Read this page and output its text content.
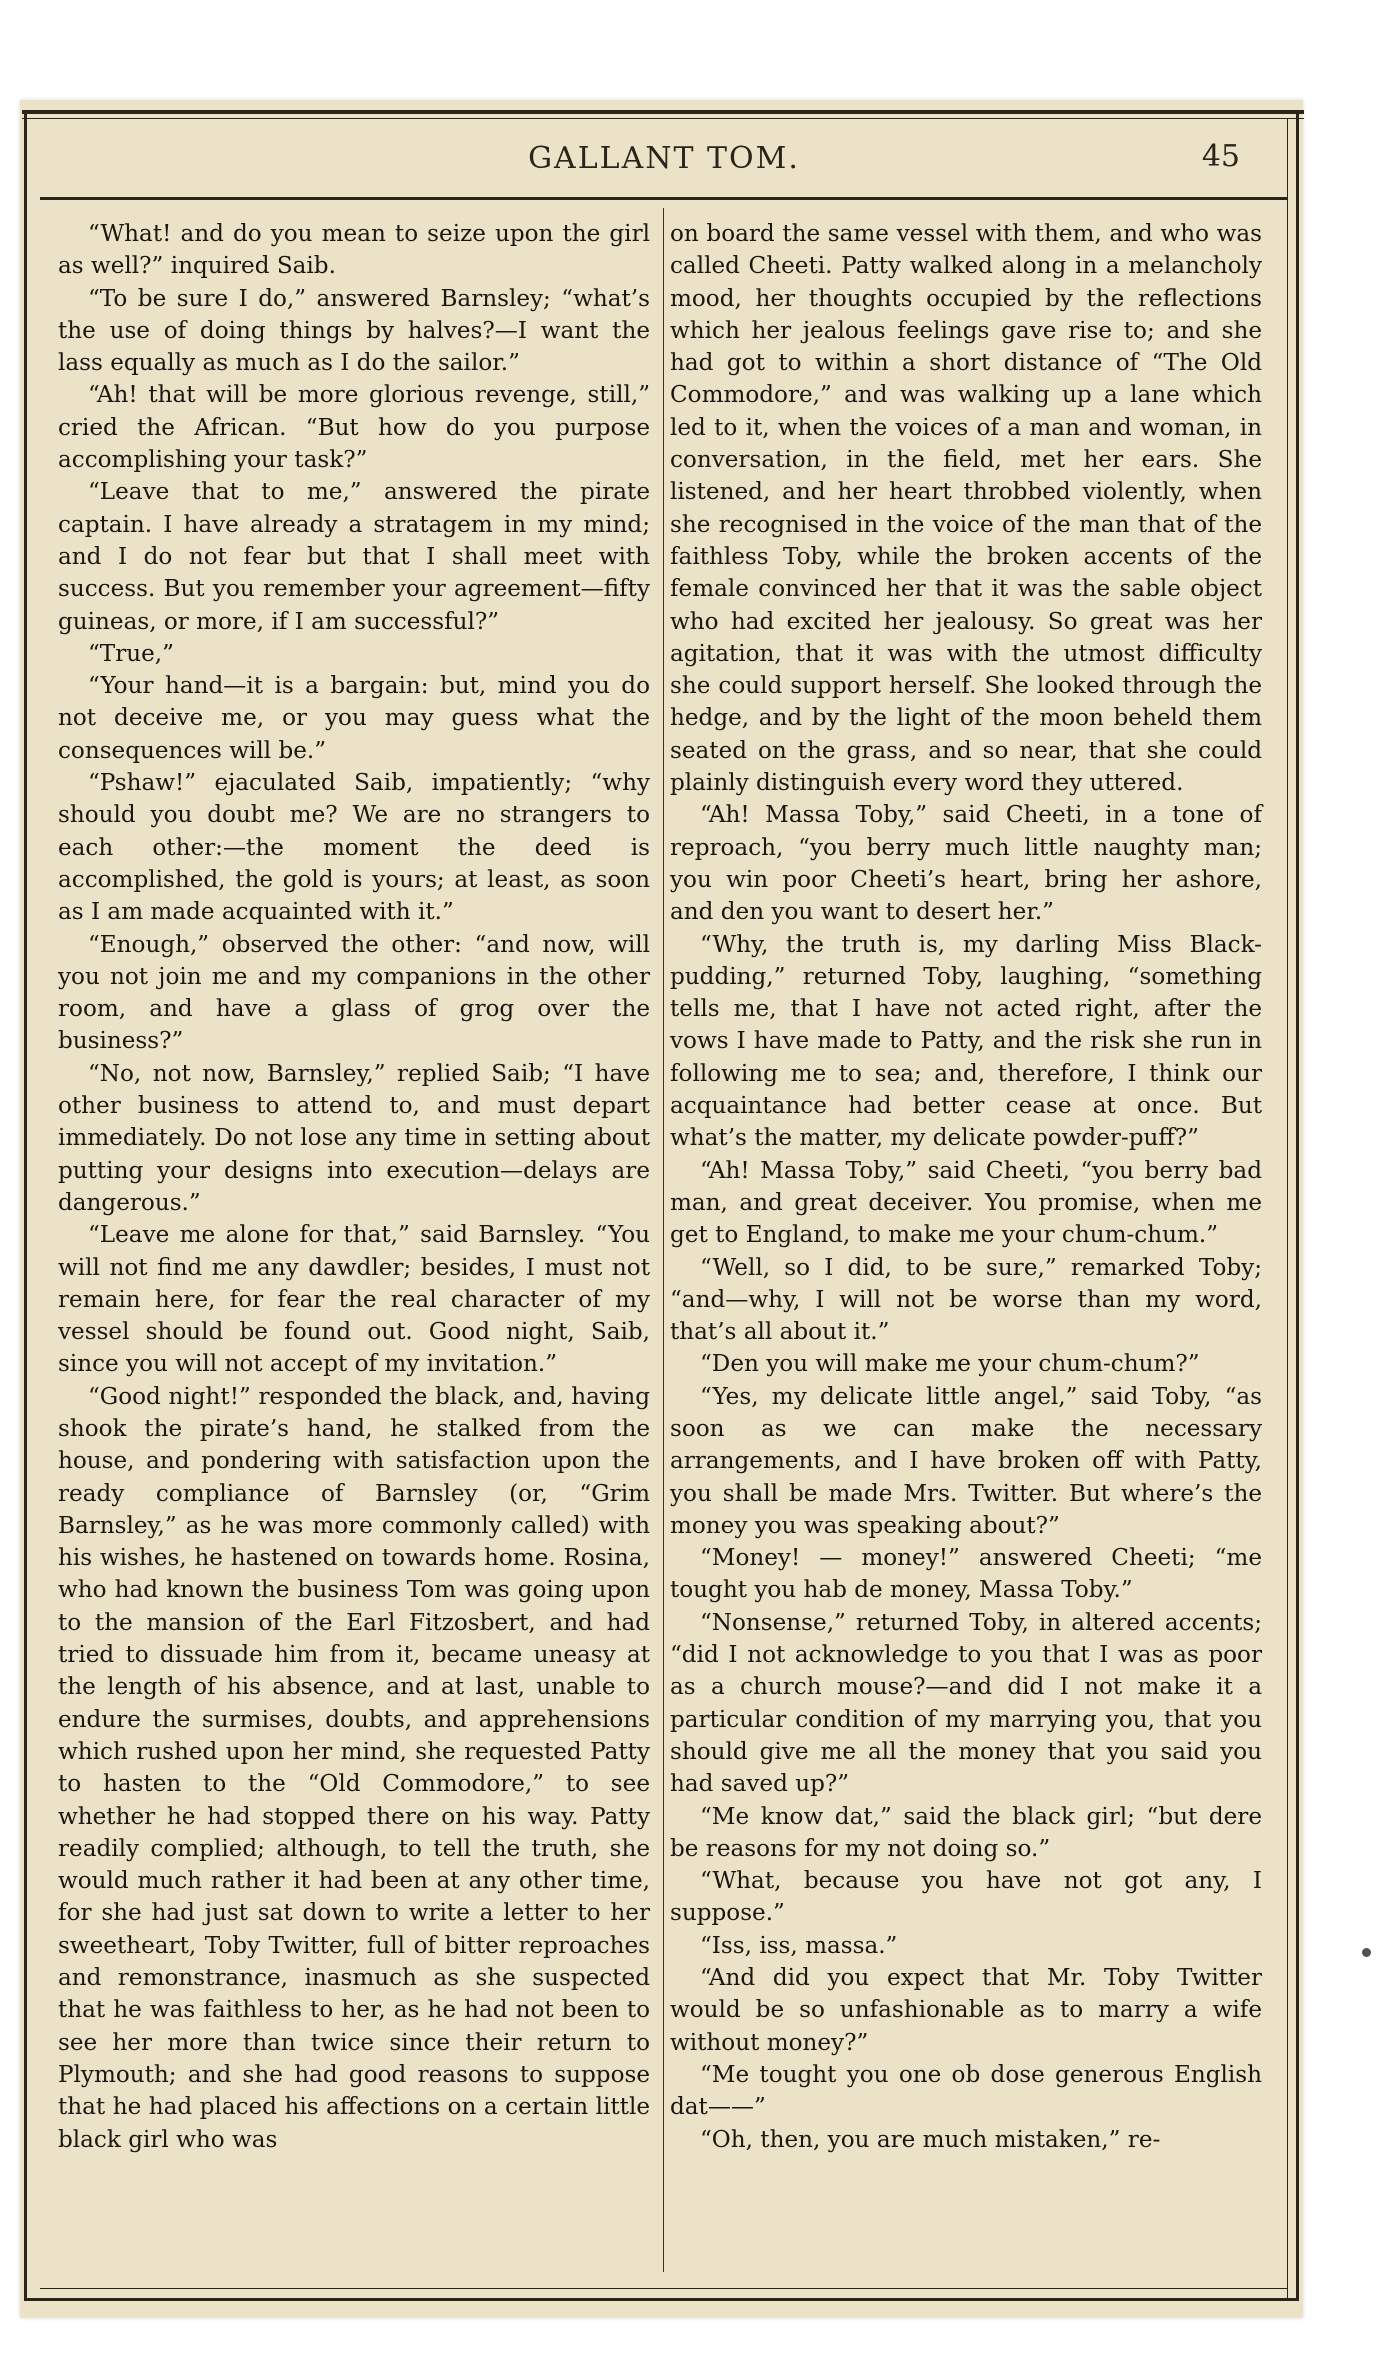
GALLANT TOM.	45

“What! and do you mean to seize upon the girl as well?” inquired Saib.

“To be sure I do,” answered Barnsley; “what’s the use of doing things by halves?—I want the lass equally as much as I do the sailor.”

“Ah! that will be more glorious revenge, still,” cried the African. “But how do you purpose accomplishing your task?”

“Leave that to me,” answered the pirate captain. I have already a stratagem in my mind; and I do not fear but that I shall meet with success. But you remember your agreement—fifty guineas, or more, if I am successful?”

“True,”

“Your hand—it is a bargain: but, mind you do not deceive me, or you may guess what the consequences will be.”

“Pshaw!” ejaculated Saib, impatiently; “why should you doubt me? We are no strangers to each other:—the moment the deed is accomplished, the gold is yours; at least, as soon as I am made acquainted with it.”

“Enough,” observed the other: “and now, will you not join me and my companions in the other room, and have a glass of grog over the business?”

“No, not now, Barnsley,” replied Saib; “I have other business to attend to, and must depart immediately. Do not lose any time in setting about putting your designs into execution—delays are dangerous.”

“Leave me alone for that,” said Barnsley. “You will not find me any dawdler; besides, I must not remain here, for fear the real character of my vessel should be found out. Good night, Saib, since you will not accept of my invitation.”

“Good night!” responded the black, and, having shook the pirate’s hand, he stalked from the house, and pondering with satisfaction upon the ready compliance of Barnsley (or, “Grim Barnsley,” as he was more commonly called) with his wishes, he hastened on towards home. Rosina, who had known the business Tom was going upon to the mansion of the Earl Fitzosbert, and had tried to dissuade him from it, became uneasy at the length of his absence, and at last, unable to endure the surmises, doubts, and apprehensions which rushed upon her mind, she requested Patty to hasten to the “Old Commodore,” to see whether he had stopped there on his way. Patty readily complied; although, to tell the truth, she would much rather it had been at any other time, for she had just sat down to write a letter to her sweetheart, Toby Twitter, full of bitter reproaches and remonstrance, inasmuch as she suspected that he was faithless to her, as he had not been to see her more than twice since their return to Plymouth; and she had good reasons to suppose that he had placed his affections on a certain little black girl who was

on board the same vessel with them, and who was called Cheeti. Patty walked along in a melancholy mood, her thoughts occupied by the reflections which her jealous feelings gave rise to; and she had got to within a short distance of “The Old Commodore,” and was walking up a lane which led to it, when the voices of a man and woman, in conversation, in the field, met her ears. She listened, and her heart throbbed violently, when she recognised in the voice of the man that of the faithless Toby, while the broken accents of the female convinced her that it was the sable object who had excited her jealousy. So great was her agitation, that it was with the utmost difficulty she could support herself. She looked through the hedge, and by the light of the moon beheld them seated on the grass, and so near, that she could plainly distinguish every word they uttered.

“Ah! Massa Toby,” said Cheeti, in a tone of reproach, “you berry much little naughty man; you win poor Cheeti’s heart, bring her ashore, and den you want to desert her.”

“Why, the truth is, my darling Miss Black-pudding,” returned Toby, laughing, “something tells me, that I have not acted right, after the vows I have made to Patty, and the risk she run in following me to sea; and, therefore, I think our acquaintance had better cease at once. But what’s the matter, my delicate powder-puff?”

“Ah! Massa Toby,” said Cheeti, “you berry bad man, and great deceiver. You promise, when me get to England, to make me your chum-chum.”

“Well, so I did, to be sure,” remarked Toby; “and—why, I will not be worse than my word, that’s all about it.”

“Den you will make me your chum-chum?”

“Yes, my delicate little angel,” said Toby, “as soon as we can make the necessary arrangements, and I have broken off with Patty, you shall be made Mrs. Twitter. But where’s the money you was speaking about?”

“Money! — money!” answered Cheeti; “me tought you hab de money, Massa Toby.”

“Nonsense,” returned Toby, in altered accents; “did I not acknowledge to you that I was as poor as a church mouse?—and did I not make it a particular condition of my marrying you, that you should give me all the money that you said you had saved up?”

“Me know dat,” said the black girl; “but dere be reasons for my not doing so.”

“What, because you have not got any, I suppose.”

“Iss, iss, massa.”

“And did you expect that Mr. Toby Twitter would be so unfashionable as to marry a wife without money?”

“Me tought you one ob dose generous English dat——”

“Oh, then, you are much mistaken,” re-
